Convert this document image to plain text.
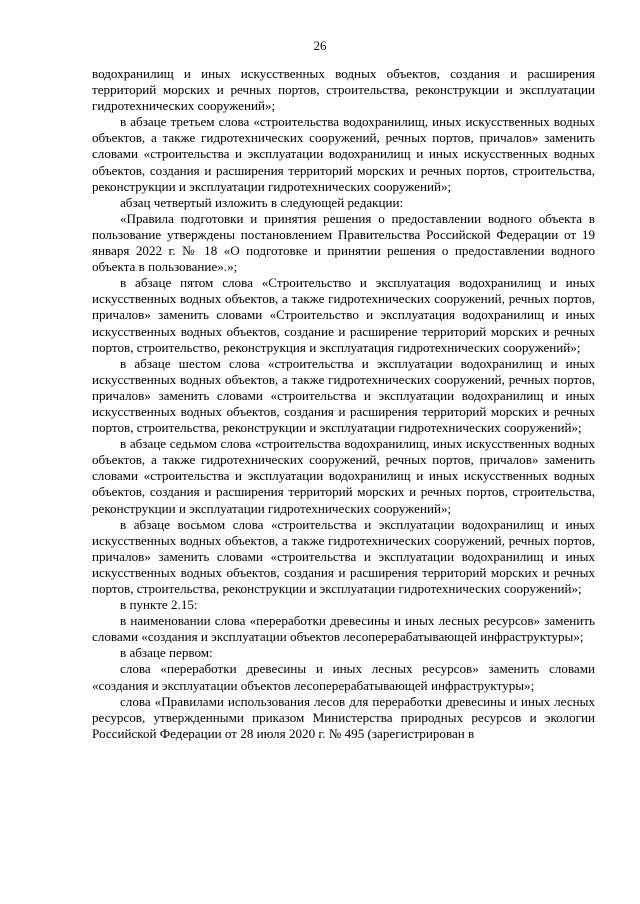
26

водохранилищ и иных искусственных водных объектов, создания и расширения территорий морских и речных портов, строительства, реконструкции и эксплуатации гидротехнических сооружений»;

в абзаце третьем слова «строительства водохранилищ, иных искусственных водных объектов, а также гидротехнических сооружений, речных портов, причалов» заменить словами «строительства и эксплуатации водохранилищ и иных искусственных водных объектов, создания и расширения территорий морских и речных портов, строительства, реконструкции и эксплуатации гидротехнических сооружений»;

абзац четвертый изложить в следующей редакции:

«Правила подготовки и принятия решения о предоставлении водного объекта в пользование утверждены постановлением Правительства Российской Федерации от 19 января 2022 г. № 18 «О подготовке и принятии решения о предоставлении водного объекта в пользование».»;

в абзаце пятом слова «Строительство и эксплуатация водохранилищ и иных искусственных водных объектов, а также гидротехнических сооружений, речных портов, причалов» заменить словами «Строительство и эксплуатация водохранилищ и иных искусственных водных объектов, создание и расширение территорий морских и речных портов, строительство, реконструкция и эксплуатация гидротехнических сооружений»;

в абзаце шестом слова «строительства и эксплуатации водохранилищ и иных искусственных водных объектов, а также гидротехнических сооружений, речных портов, причалов» заменить словами «строительства и эксплуатации водохранилищ и иных искусственных водных объектов, создания и расширения территорий морских и речных портов, строительства, реконструкции и эксплуатации гидротехнических сооружений»;

в абзаце седьмом слова «строительства водохранилищ, иных искусственных водных объектов, а также гидротехнических сооружений, речных портов, причалов» заменить словами «строительства и эксплуатации водохранилищ и иных искусственных водных объектов, создания и расширения территорий морских и речных портов, строительства, реконструкции и эксплуатации гидротехнических сооружений»;

в абзаце восьмом слова «строительства и эксплуатации водохранилищ и иных искусственных водных объектов, а также гидротехнических сооружений, речных портов, причалов» заменить словами «строительства и эксплуатации водохранилищ и иных искусственных водных объектов, создания и расширения территорий морских и речных портов, строительства, реконструкции и эксплуатации гидротехнических сооружений»;

в пункте 2.15:

в наименовании слова «переработки древесины и иных лесных ресурсов» заменить словами «создания и эксплуатации объектов лесоперерабатывающей инфраструктуры»;

в абзаце первом:

слова «переработки древесины и иных лесных ресурсов» заменить словами «создания и эксплуатации объектов лесоперерабатывающей инфраструктуры»;

слова «Правилами использования лесов для переработки древесины и иных лесных ресурсов, утвержденными приказом Министерства природных ресурсов и экологии Российской Федерации от 28 июля 2020 г. № 495 (зарегистрирован в
